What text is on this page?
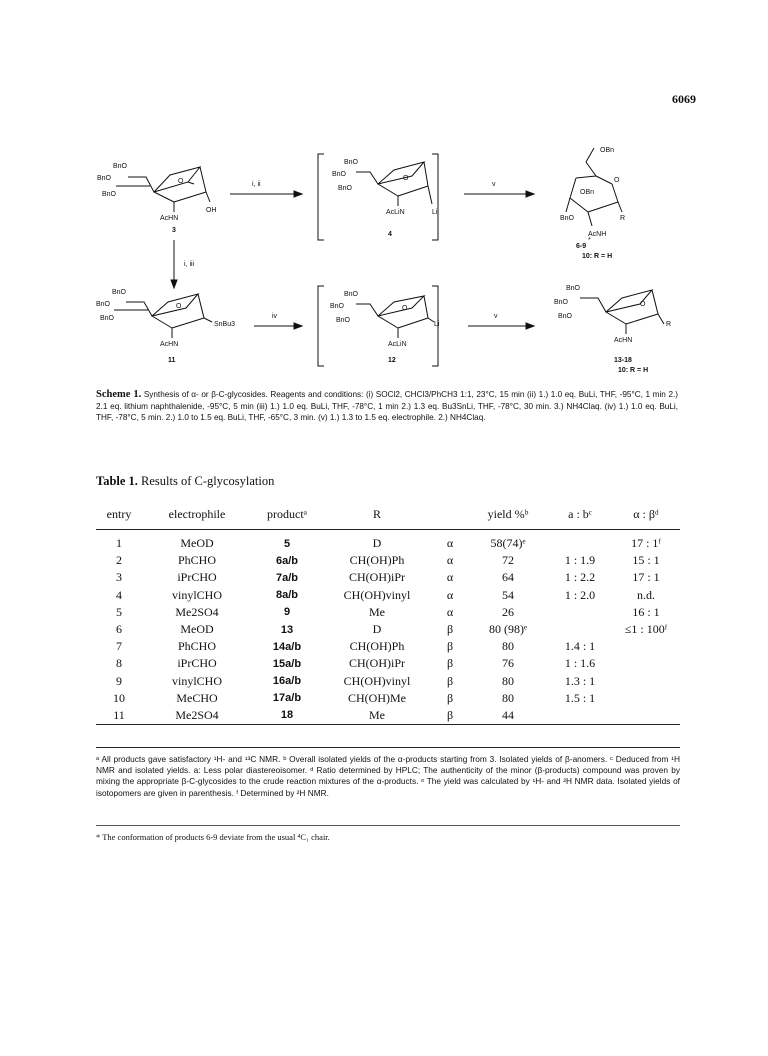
6069
BnO
BnO
BnO
O
AcHN
OH
3
i, ii
BnO
BnO
BnO
O
AcLiN	Li
4
v
OBn
O
OBn
BnO	R
AcNH
6-9
*
10: R = H
i, iii
BnO
BnO
BnO
O
AcHN
SnBu3
11
iv
BnO
BnO
BnO
O
AcLiN
Li
12
v
BnO
BnO
BnO
O
AcHN
R
13-18
10: R = H
Scheme 1. Synthesis of α- or β-C-glycosides. Reagents and conditions: (i) SOCl2, CHCl3/PhCH3 1:1, 23°C, 15 min (ii) 1.) 1.0 eq. BuLi, THF, -95°C, 1 min 2.) 2.1 eq. lithium naphthalenide, -95°C, 5 min (iii) 1.) 1.0 eq. BuLi, THF, -78°C, 1 min 2.) 1.3 eq. Bu3SnLi, THF, -78°C, 30 min. 3.) NH4Claq. (iv) 1.) 1.0 eq. BuLi, THF, -78°C, 5 min. 2.) 1.0 to 1.5 eq. BuLi, THF, -65°C, 3 min. (v) 1.) 1.3 to 1.5 eq. electrophile. 2.) NH4Claq.
Table 1. Results of C-glycosylation
entry	electrophile	productᵃ	R		yield %ᵇ	a : bᶜ	α : βᵈ
1	MeOD	5	D	α	58(74)ᵉ		17 : 1ᶠ
2	PhCHO	6a/b	CH(OH)Ph	α	72	1 : 1.9	15 : 1
3	iPrCHO	7a/b	CH(OH)iPr	α	64	1 : 2.2	17 : 1
4	vinylCHO	8a/b	CH(OH)vinyl	α	54	1 : 2.0	n.d.
5	Me2SO4	9	Me	α	26		16 : 1
6	MeOD	13	D	β	80 (98)ᵉ		≤1 : 100ᶠ
7	PhCHO	14a/b	CH(OH)Ph	β	80	1.4 : 1	
8	iPrCHO	15a/b	CH(OH)iPr	β	76	1 : 1.6	
9	vinylCHO	16a/b	CH(OH)vinyl	β	80	1.3 : 1	
10	MeCHO	17a/b	CH(OH)Me	β	80	1.5 : 1	
11	Me2SO4	18	Me	β	44		
ᵃ All products gave satisfactory ¹H- and ¹³C NMR. ᵇ Overall isolated yields of the α-products starting from 3. Isolated yields of β-anomers. ᶜ Deduced from ¹H NMR and isolated yields. a: Less polar diastereoisomer. ᵈ Ratio determined by HPLC; The authenticity of the minor (β-products) compound was proven by mixing the appropriate β-C-glycosides to the crude reaction mixtures of the α-products. ᵉ The yield was calculated by ¹H- and ²H NMR data. Isolated yields of isotopomers are given in parenthesis. ᶠ Determined by ²H NMR.
* The conformation of products 6-9 deviate from the usual ⁴C₁ chair.
